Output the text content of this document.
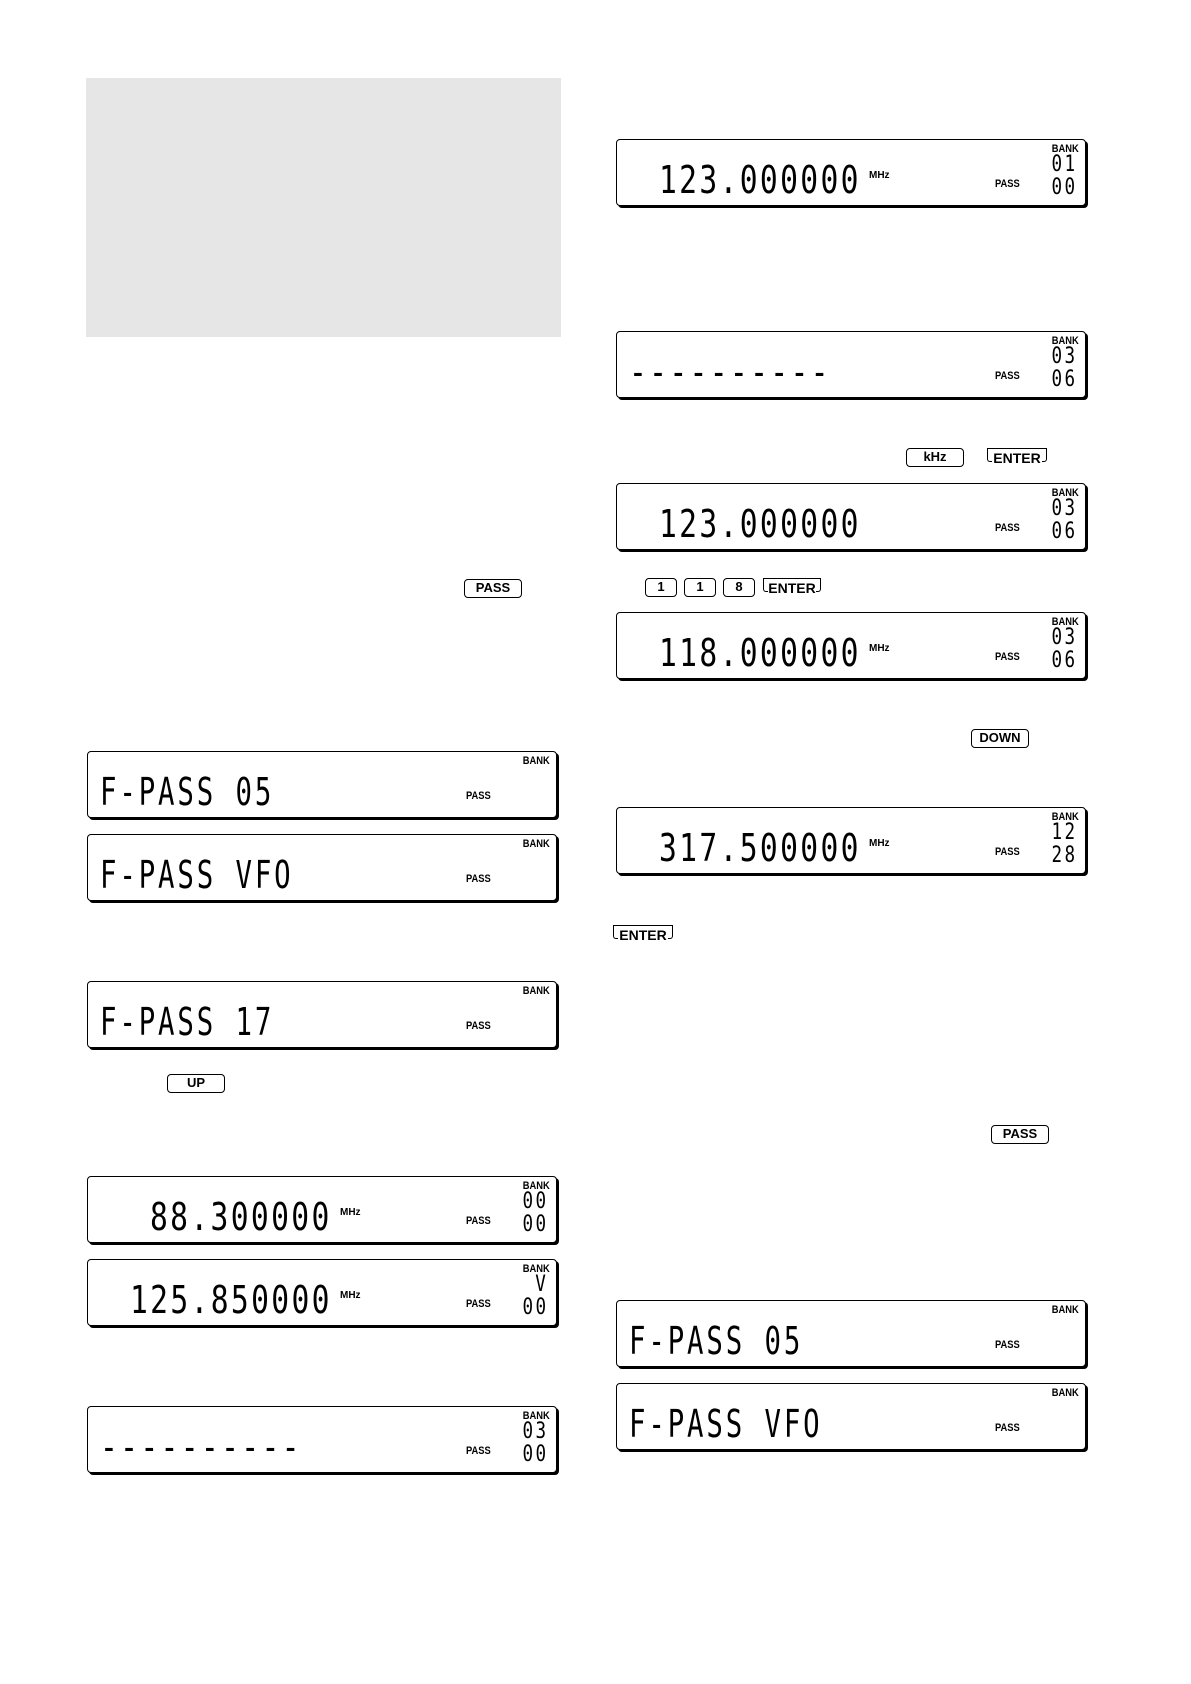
PASS
UP
kHz	ENTER
1	1	8	ENTER
DOWN
ENTER
PASS
BANK
F-PASS 05	PASS
BANK
F-PASS VFO	PASS
BANK
F-PASS 17	PASS
BANK
88.300000 MHz
PASS
00
00
BANK
125.850000 MHz
PASS
V
00
BANK
----------	PASS
03
00
BANK
123.000000 MHz
PASS
01
00
BANK
----------	PASS
03
06
BANK
123.000000	PASS
03
06
BANK
118.000000 MHz
PASS
03
06
BANK
317.500000 MHz
PASS
12
28
BANK
F-PASS 05	PASS
BANK
F-PASS VFO	PASS
